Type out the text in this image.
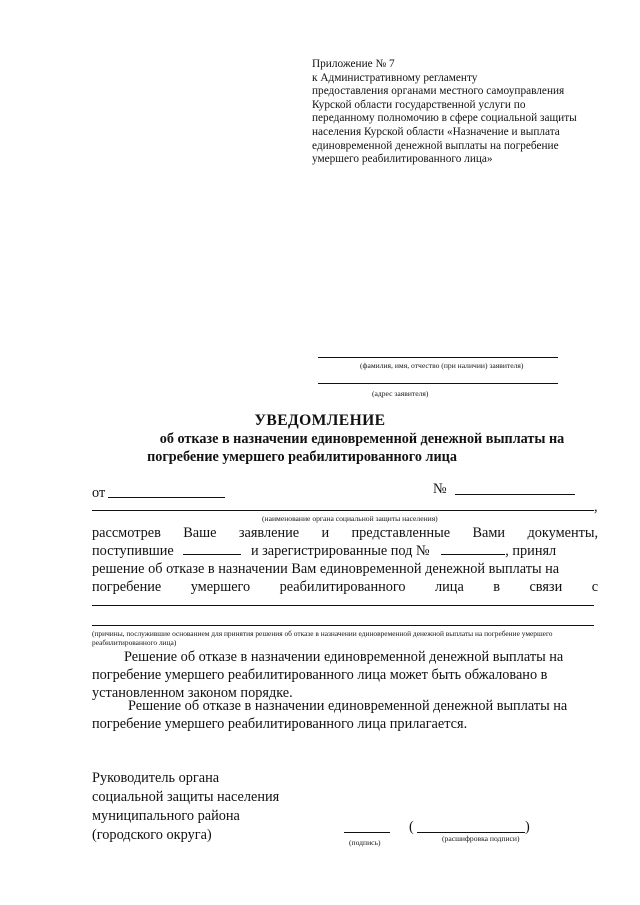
Приложение № 7
к Административному регламенту
предоставления органами местного самоуправления
Курской области государственной услуги по
переданному полномочию в сфере социальной защиты
населения Курской области «Назначение и выплата
единовременной денежной выплаты на погребение
умершего реабилитированного лица»
(фамилия, имя, отчество (при наличии) заявителя)
(адрес заявителя)
УВЕДОМЛЕНИЕ
об отказе в назначении единовременной денежной выплаты на
погребение умершего реабилитированного лица
от	№
,
(наименование органа социальной защиты населения)
рассмотрев Ваше заявление и представленные Вами документы,
поступившие	и зарегистрированные под №	, принял
решение об отказе в назначении Вам единовременной денежной выплаты на
погребение умершего реабилитированного лица в связи с
(причины, послужившие основанием для принятия решения об отказе в назначении единовременной денежной выплаты на погребение умершего реабилитированного лица)
Решение об отказе в назначении единовременной денежной выплаты на
погребение умершего реабилитированного лица может быть обжаловано в
установленном законом порядке.
Решение об отказе в назначении единовременной денежной выплаты на
погребение умершего реабилитированного лица прилагается.
Руководитель органа
социальной защиты населения
муниципального района
(городского округа)	(	)
(подпись)	(расшифровка подписи)
